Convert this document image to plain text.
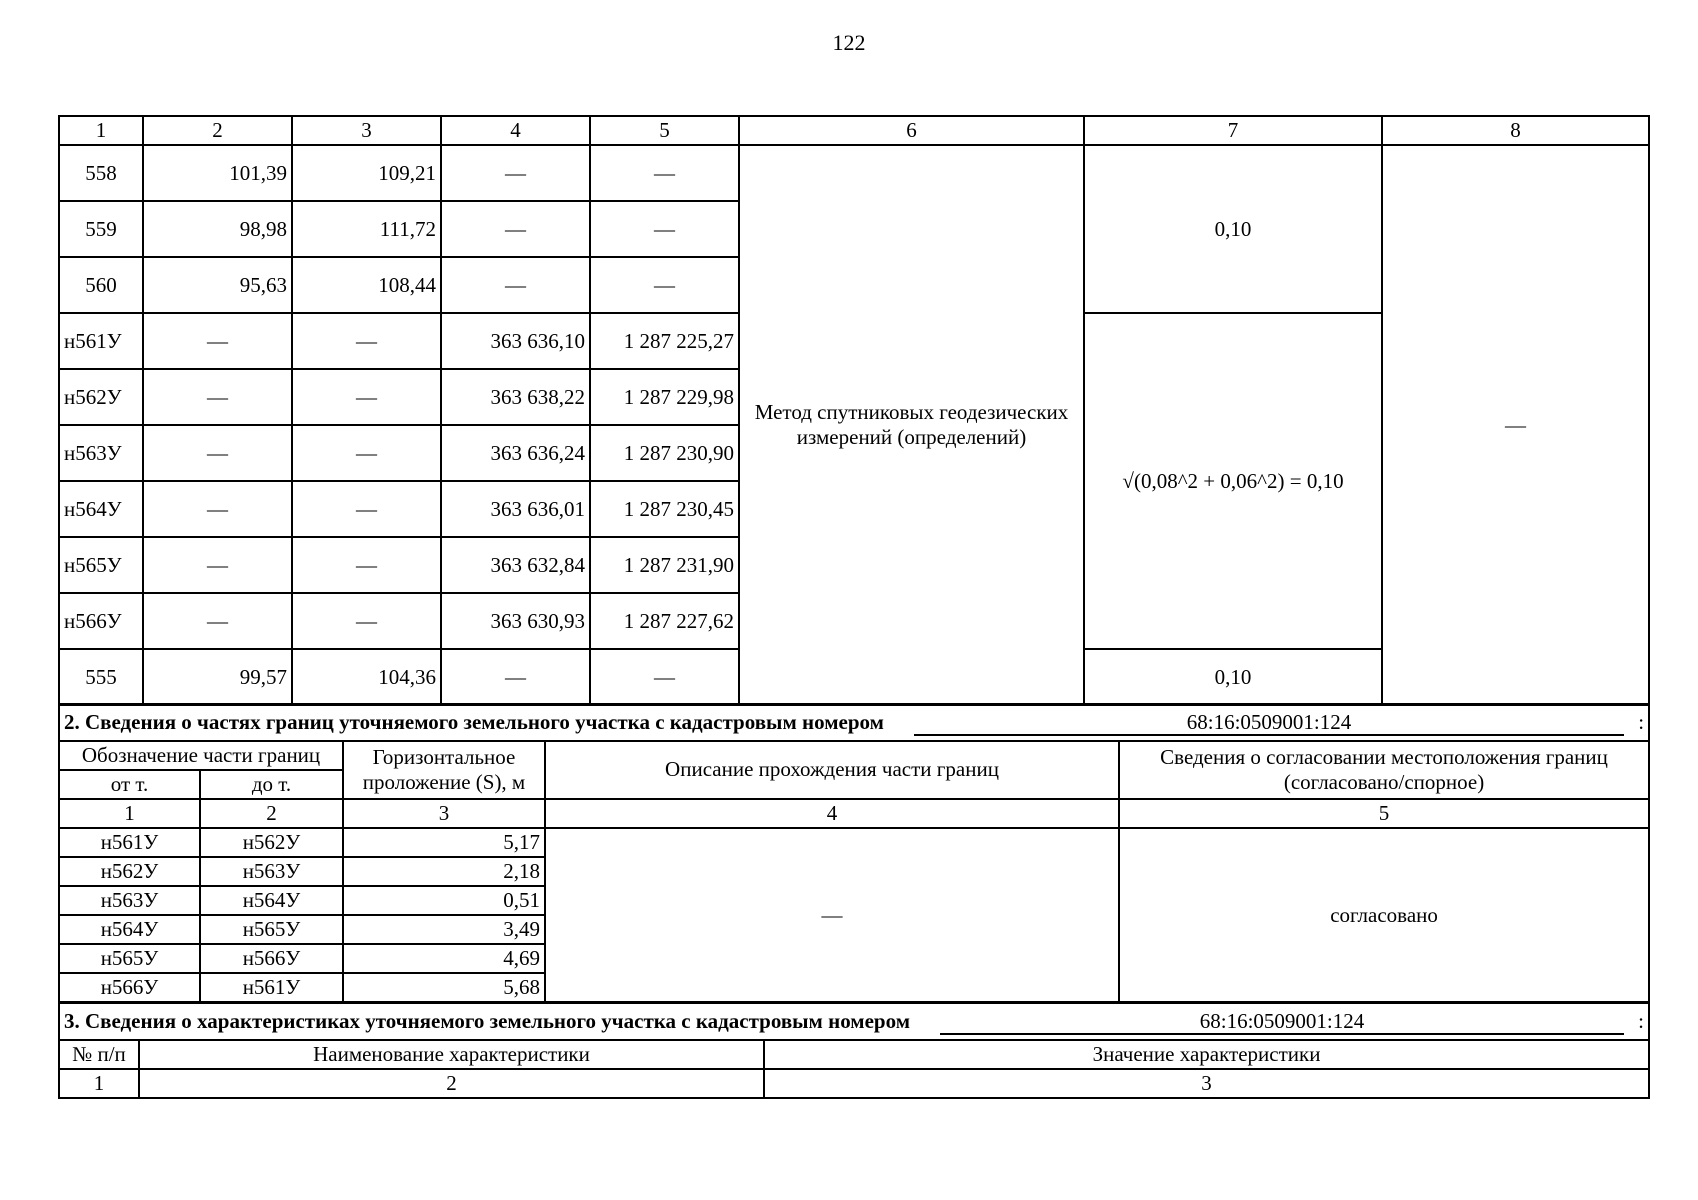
122
1	2	3	4	5	6	7	8
558	101,39	109,21	—	—	Метод спутниковых геодезических измерений (определений)	0,10	—
559	98,98	111,72	—	—			
560	95,63	108,44	—	—			
н561У	—	—	363 636,10	1 287 225,27		√(0,08^2 + 0,06^2) = 0,10	
н562У	—	—	363 638,22	1 287 229,98			
н563У	—	—	363 636,24	1 287 230,90			
н564У	—	—	363 636,01	1 287 230,45			
н565У	—	—	363 632,84	1 287 231,90			
н566У	—	—	363 630,93	1 287 227,62			
555	99,57	104,36	—	—		0,10	
2. Сведения о частях границ уточняемого земельного участка с кадастровым номером 68:16:0509001:124 :				

Обозначение части границ		Горизонтальное проложение (S), м	Описание прохождения части границ	Сведения о согласовании местоположения границ (согласовано/спорное)
от т.	до т.			
1	2	3	4	5
н561У	н562У	5,17	—	согласовано
н562У	н563У	2,18		
н563У	н564У	0,51		
н564У	н565У	3,49		
н565У	н566У	4,69		
н566У	н561У	5,68		
3. Сведения о характеристиках уточняемого земельного участка с кадастровым номером 68:16:0509001:124 :		

№ п/п	Наименование характеристики	Значение характеристики
1	2	3
